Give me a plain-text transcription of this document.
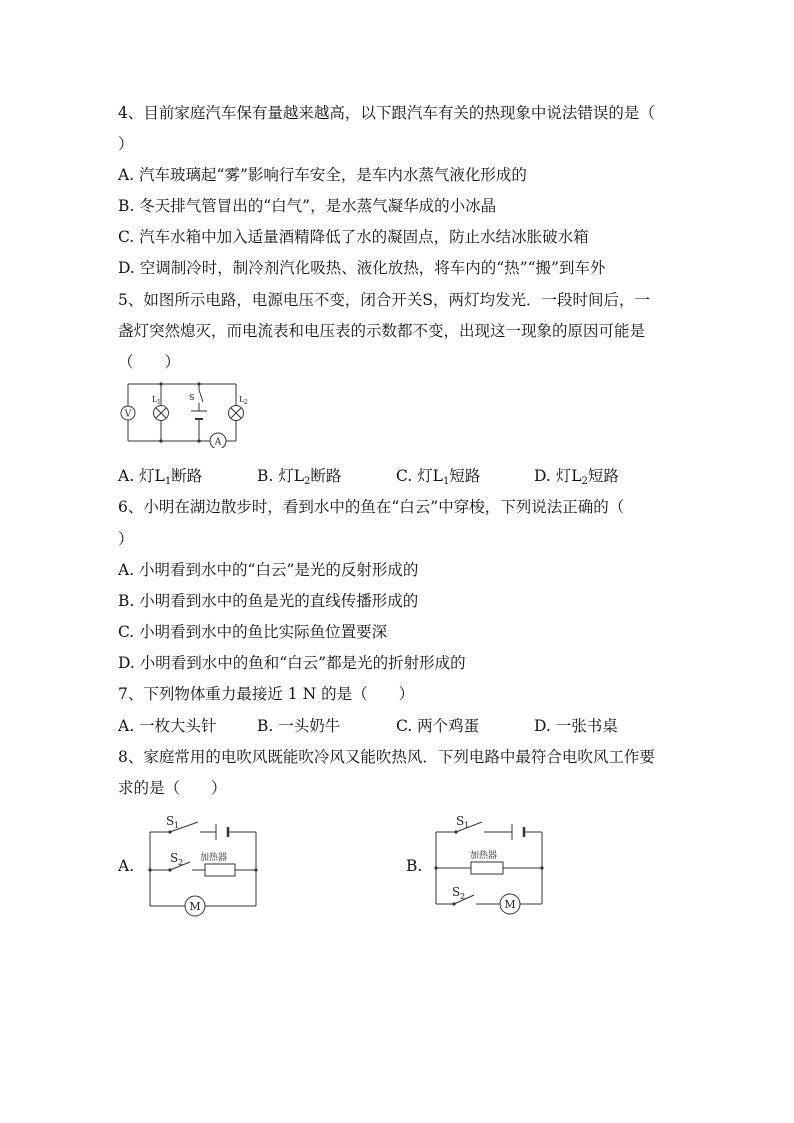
4、目前家庭汽车保有量越来越高，以下跟汽车有关的热现象中说法错误的是（
）
A. 汽车玻璃起“雾”影响行车安全，是车内水蒸气液化形成的
B. 冬天排气管冒出的“白气”，是水蒸气凝华成的小冰晶
C. 汽车水箱中加入适量酒精降低了水的凝固点，防止水结冰胀破水箱
D. 空调制冷时，制冷剂汽化吸热、液化放热，将车内的“热”“搬”到车外
5、如图所示电路，电源电压不变，闭合开关S，两灯均发光．一段时间后，一
盏灯突然熄灭，而电流表和电压表的示数都不变，出现这一现象的原因可能是
（　　）
V
L 1
S	L 2
A
A. 灯$L_1$断路	B. 灯$L_2$断路	C. 灯$L_1$短路	D. 灯$L_2$短路
6、小明在湖边散步时，看到水中的鱼在“白云”中穿梭，下列说法正确的（
）
A. 小明看到水中的“白云”是光的反射形成的
B. 小明看到水中的鱼是光的直线传播形成的
C. 小明看到水中的鱼比实际鱼位置要深
D. 小明看到水中的鱼和“白云”都是光的折射形成的
7、下列物体重力最接近 1 N 的是（　　）
A. 一枚大头针	B. 一头奶牛	C. 两个鸡蛋	D. 一张书桌
8、家庭常用的电吹风既能吹冷风又能吹热风．下列电路中最符合电吹风工作要
求的是（　　）
A.
S 1
S 2 加热器
M
B.
S 1
S 2
加热器
M
